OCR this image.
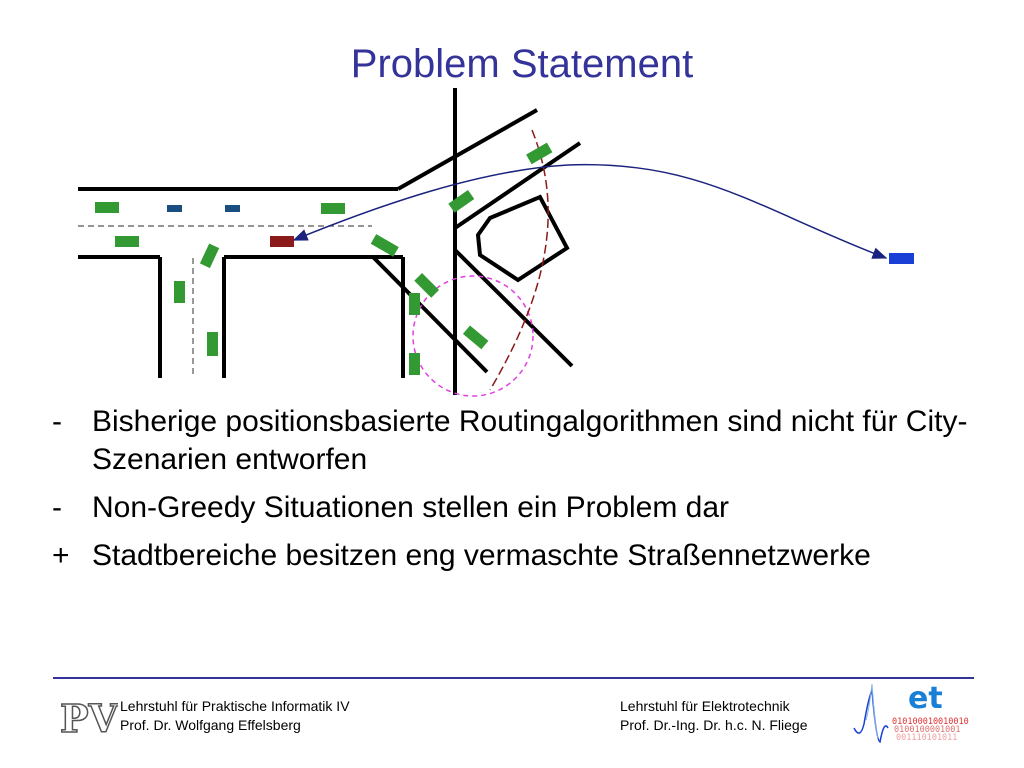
Problem Statement
-	Bisherige positionsbasierte Routingalgorithmen sind nicht für City-Szenarien entworfen
-	Non-Greedy Situationen stellen ein Problem dar
+ Stadtbereiche besitzen eng vermaschte Straßennetzwerke
PV Lehrstuhl für Praktische Informatik IV
Prof. Dr. Wolfgang Effelsberg
Lehrstuhl für Elektrotechnik
Prof. Dr.-Ing. Dr. h.c. N. Fliege
et
010100010010010
0100100001001
001110101011
